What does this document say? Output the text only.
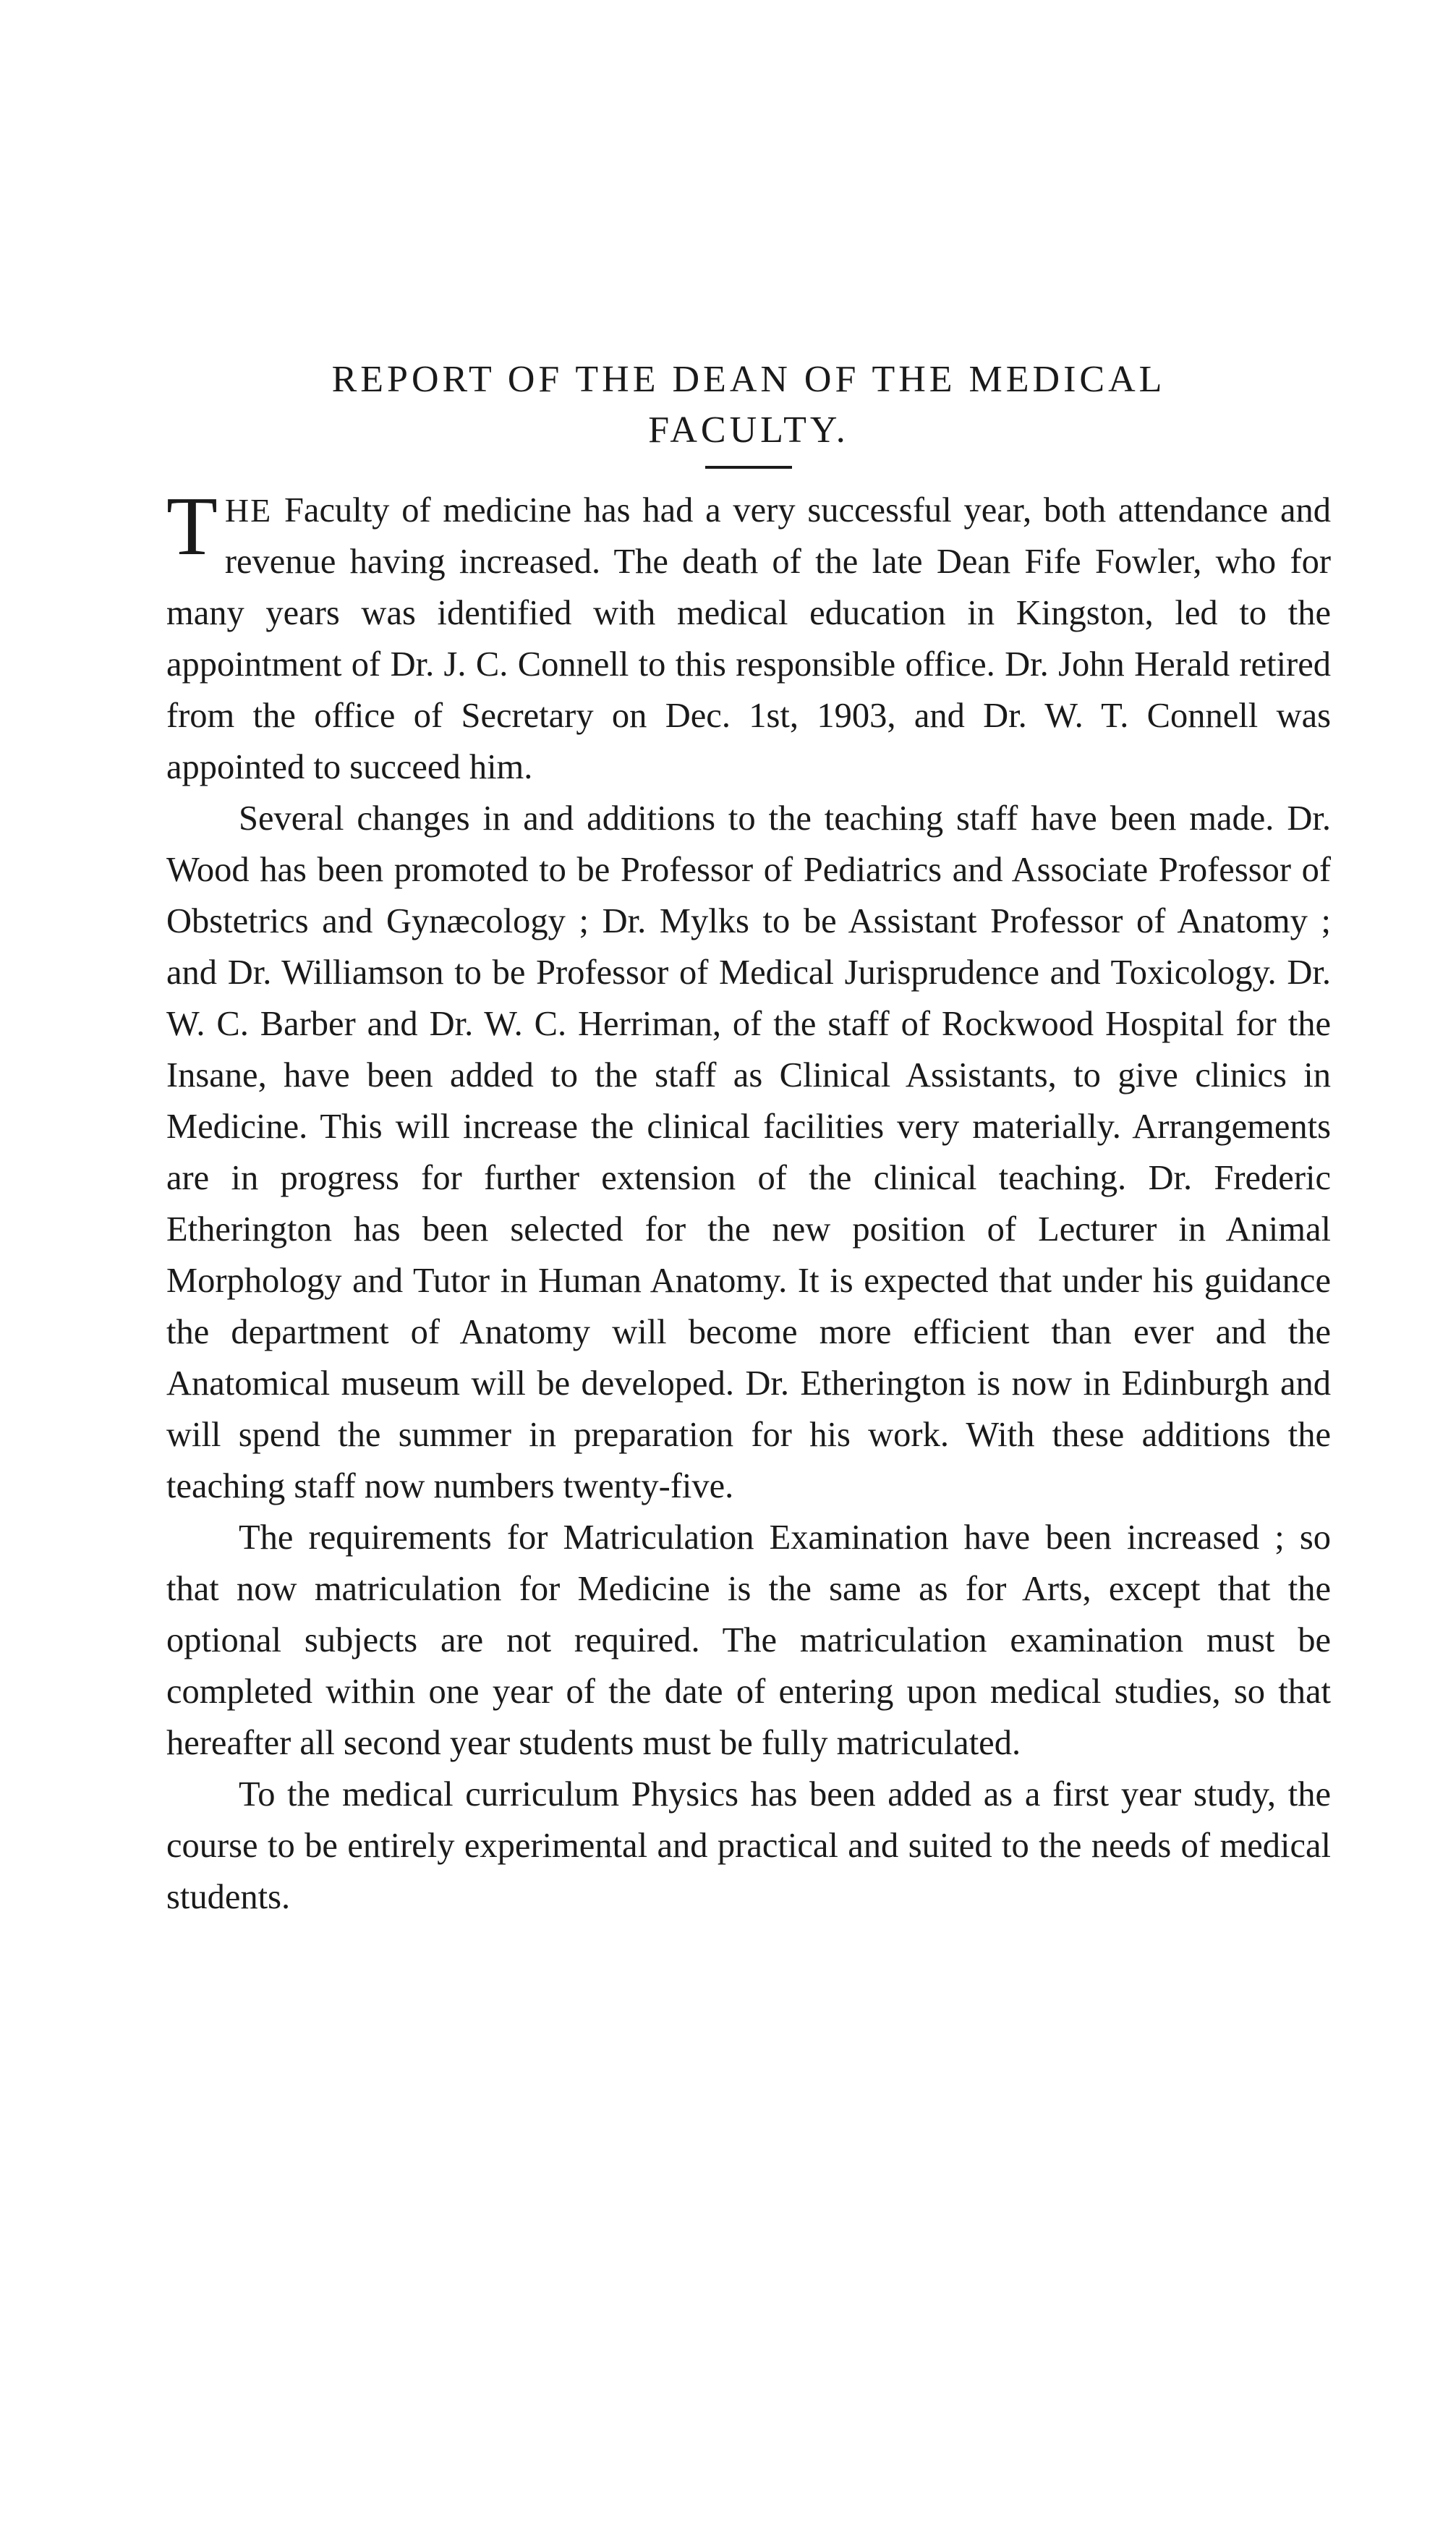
REPORT OF THE DEAN OF THE MEDICAL
FACULTY.

THE Faculty of medicine has had a very successful year, both attendance and revenue having increased. The death of the late Dean Fife Fowler, who for many years was identified with medical education in Kingston, led to the appointment of Dr. J. C. Connell to this responsible office. Dr. John Herald retired from the office of Secretary on Dec. 1st, 1903, and Dr. W. T. Connell was appointed to succeed him.

Several changes in and additions to the teaching staff have been made. Dr. Wood has been promoted to be Professor of Pediatrics and Associate Professor of Obstetrics and Gynæcology ; Dr. Mylks to be Assistant Professor of Anatomy ; and Dr. Williamson to be Professor of Medical Jurisprudence and Toxicology. Dr. W. C. Barber and Dr. W. C. Herriman, of the staff of Rockwood Hospital for the Insane, have been added to the staff as Clinical Assistants, to give clinics in Medicine. This will increase the clinical facilities very materially. Arrangements are in progress for further extension of the clinical teaching. Dr. Frederic Etherington has been selected for the new position of Lecturer in Animal Morphology and Tutor in Human Anatomy. It is expected that under his guidance the department of Anatomy will become more efficient than ever and the Anatomical museum will be developed. Dr. Etherington is now in Edinburgh and will spend the summer in preparation for his work. With these additions the teaching staff now numbers twenty-five.

The requirements for Matriculation Examination have been increased ; so that now matriculation for Medicine is the same as for Arts, except that the optional subjects are not required. The matriculation examination must be completed within one year of the date of entering upon medical studies, so that hereafter all second year students must be fully matriculated.

To the medical curriculum Physics has been added as a first year study, the course to be entirely experimental and practical and suited to the needs of medical students.
